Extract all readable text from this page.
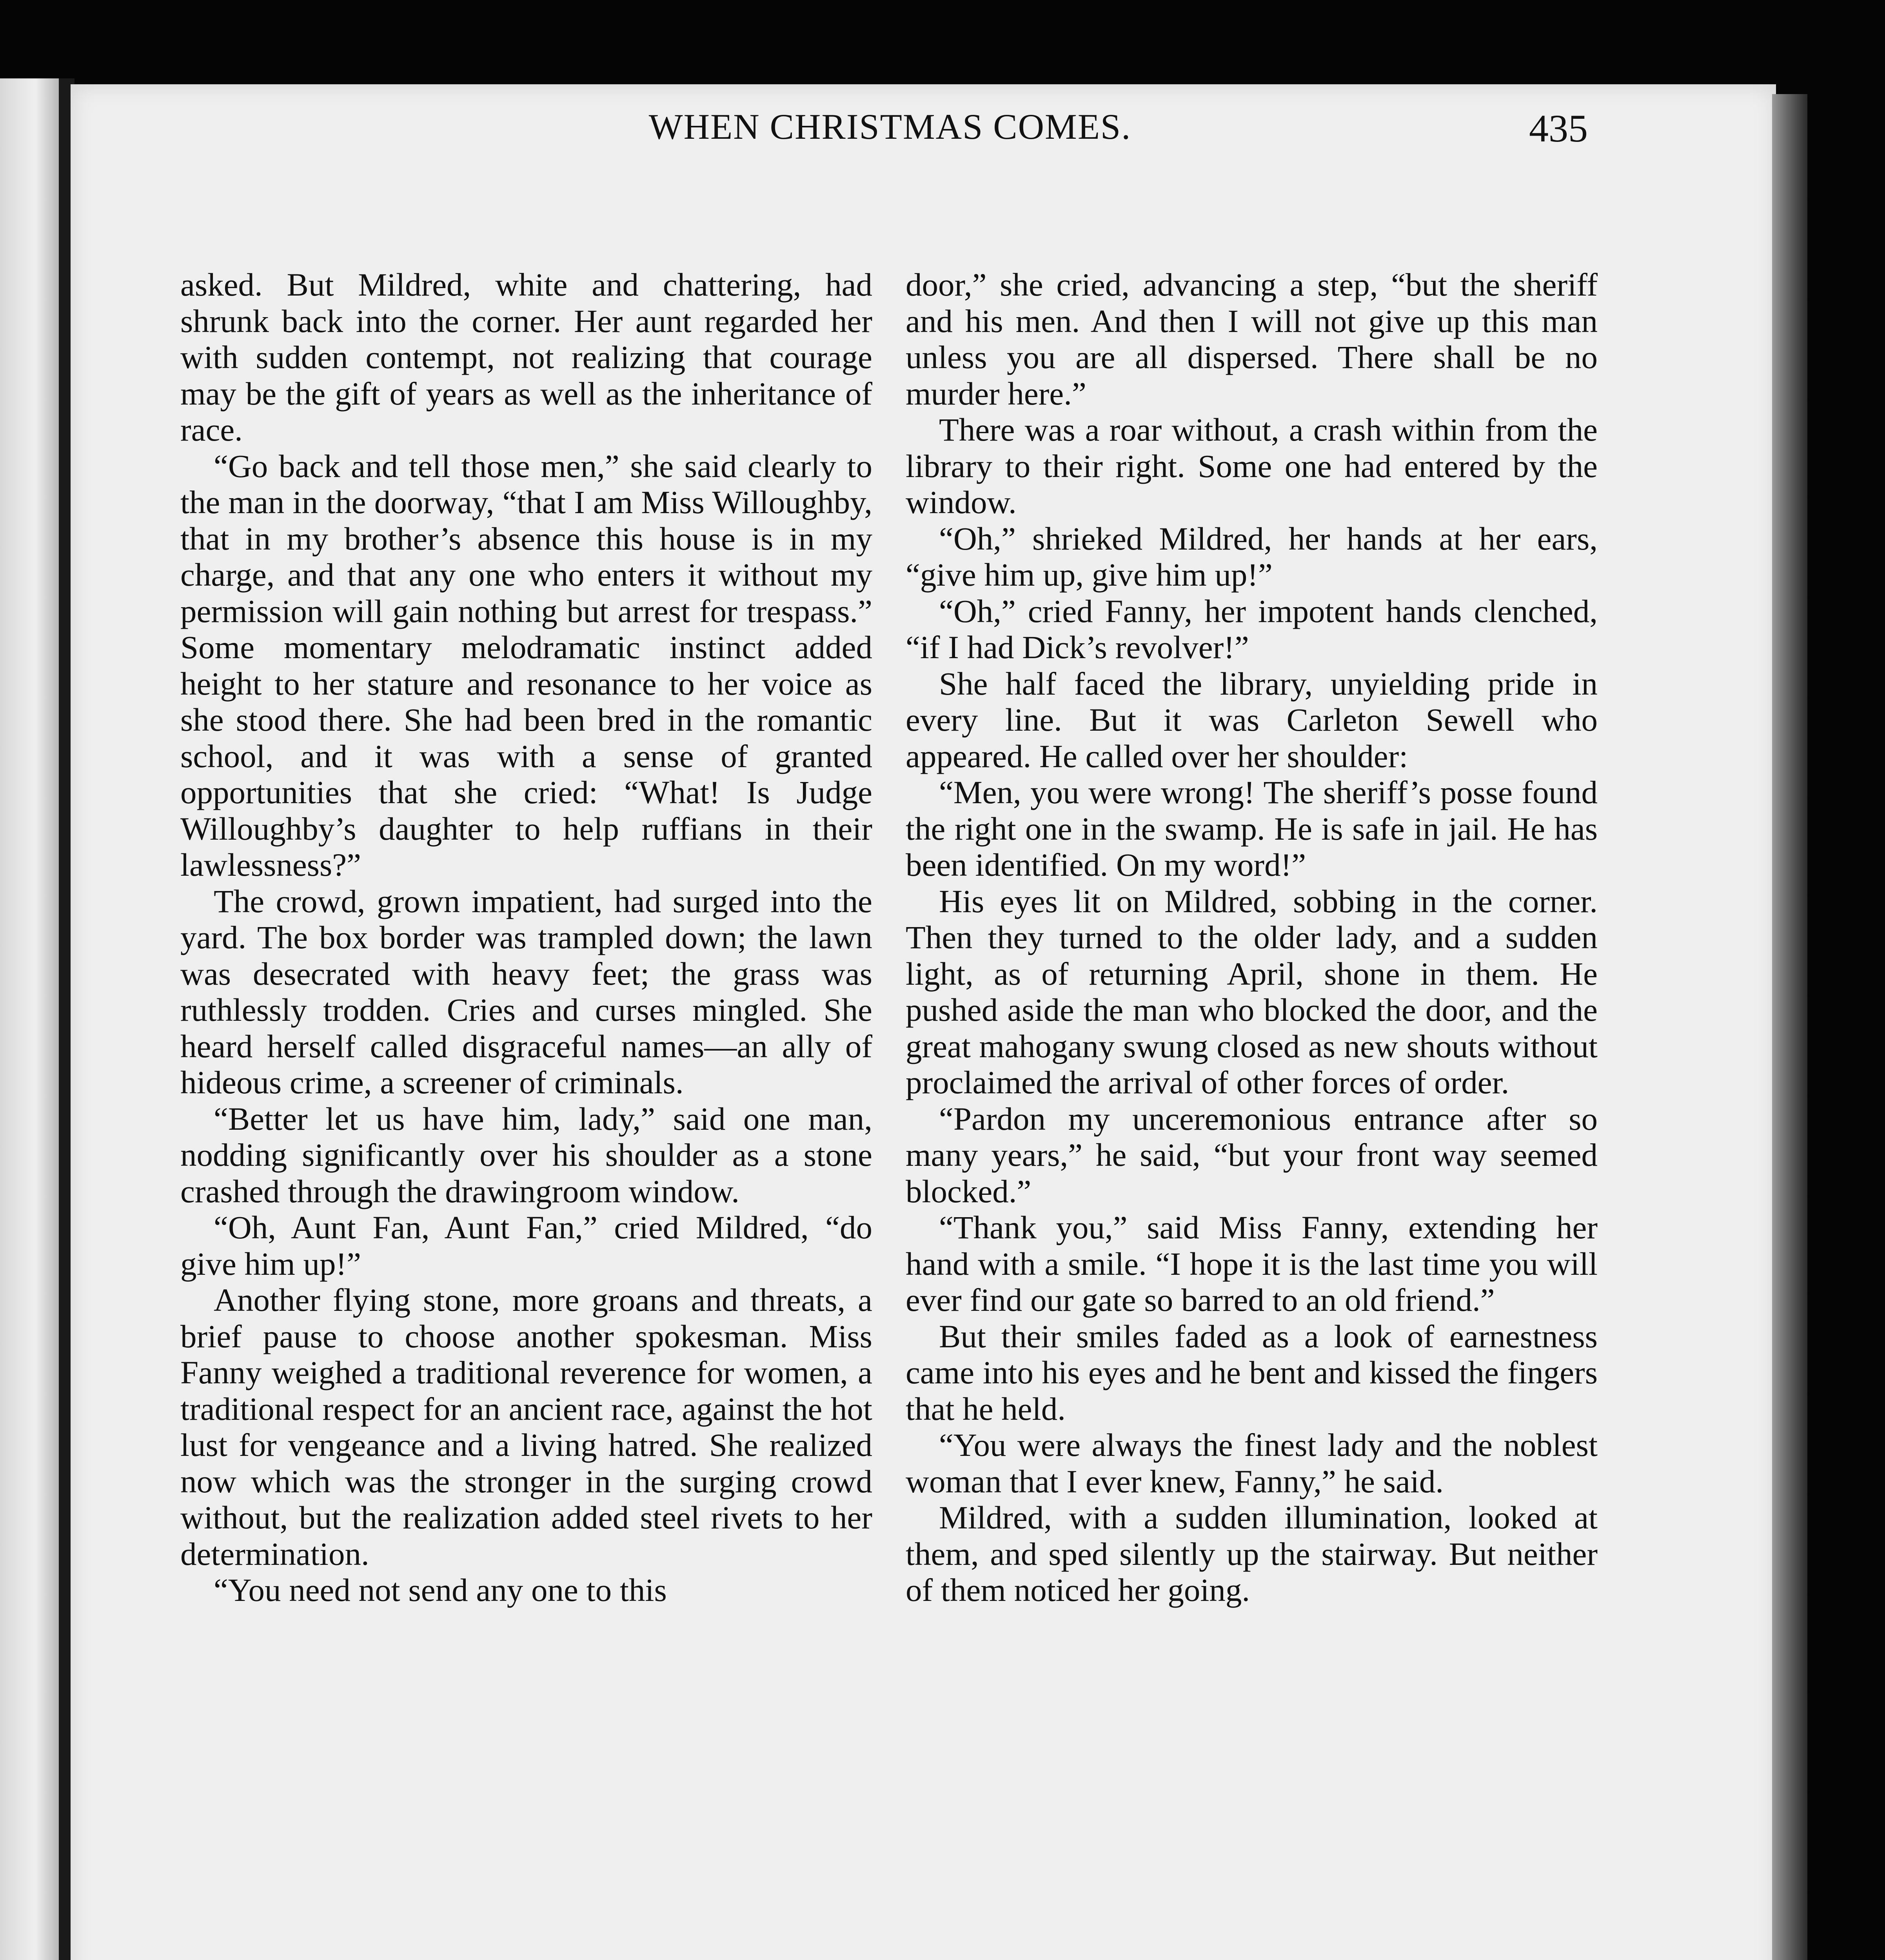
WHEN CHRISTMAS COMES.	435

asked. But Mildred, white and chattering, had shrunk back into the corner. Her aunt regarded her with sudden contempt, not realizing that courage may be the gift of years as well as the inheritance of race.

“Go back and tell those men,” she said clearly to the man in the doorway, “that I am Miss Willoughby, that in my brother’s absence this house is in my charge, and that any one who enters it without my permission will gain nothing but arrest for trespass.” Some momentary melodramatic instinct added height to her stature and resonance to her voice as she stood there. She had been bred in the romantic school, and it was with a sense of granted opportunities that she cried: “What! Is Judge Willoughby’s daughter to help ruffians in their lawlessness?”

The crowd, grown impatient, had surged into the yard. The box border was trampled down; the lawn was desecrated with heavy feet; the grass was ruthlessly trodden. Cries and curses mingled. She heard herself called disgraceful names—an ally of hideous crime, a screener of criminals.

“Better let us have him, lady,” said one man, nodding significantly over his shoulder as a stone crashed through the drawingroom window.

“Oh, Aunt Fan, Aunt Fan,” cried Mildred, “do give him up!”

Another flying stone, more groans and threats, a brief pause to choose another spokesman. Miss Fanny weighed a traditional reverence for women, a traditional respect for an ancient race, against the hot lust for vengeance and a living hatred. She realized now which was the stronger in the surging crowd without, but the realization added steel rivets to her determination.

“You need not send any one to this

door,” she cried, advancing a step, “but the sheriff and his men. And then I will not give up this man unless you are all dispersed. There shall be no murder here.”

There was a roar without, a crash within from the library to their right. Some one had entered by the window.

“Oh,” shrieked Mildred, her hands at her ears, “give him up, give him up!”

“Oh,” cried Fanny, her impotent hands clenched, “if I had Dick’s revolver!”

She half faced the library, unyielding pride in every line. But it was Carleton Sewell who appeared. He called over her shoulder:

“Men, you were wrong! The sheriff’s posse found the right one in the swamp. He is safe in jail. He has been identified. On my word!”

His eyes lit on Mildred, sobbing in the corner. Then they turned to the older lady, and a sudden light, as of returning April, shone in them. He pushed aside the man who blocked the door, and the great mahogany swung closed as new shouts without proclaimed the arrival of other forces of order.

“Pardon my unceremonious entrance after so many years,” he said, “but your front way seemed blocked.”

“Thank you,” said Miss Fanny, extending her hand with a smile. “I hope it is the last time you will ever find our gate so barred to an old friend.”

But their smiles faded as a look of earnestness came into his eyes and he bent and kissed the fingers that he held.

“You were always the finest lady and the noblest woman that I ever knew, Fanny,” he said.

Mildred, with a sudden illumination, looked at them, and sped silently up the stairway. But neither of them noticed her going.
